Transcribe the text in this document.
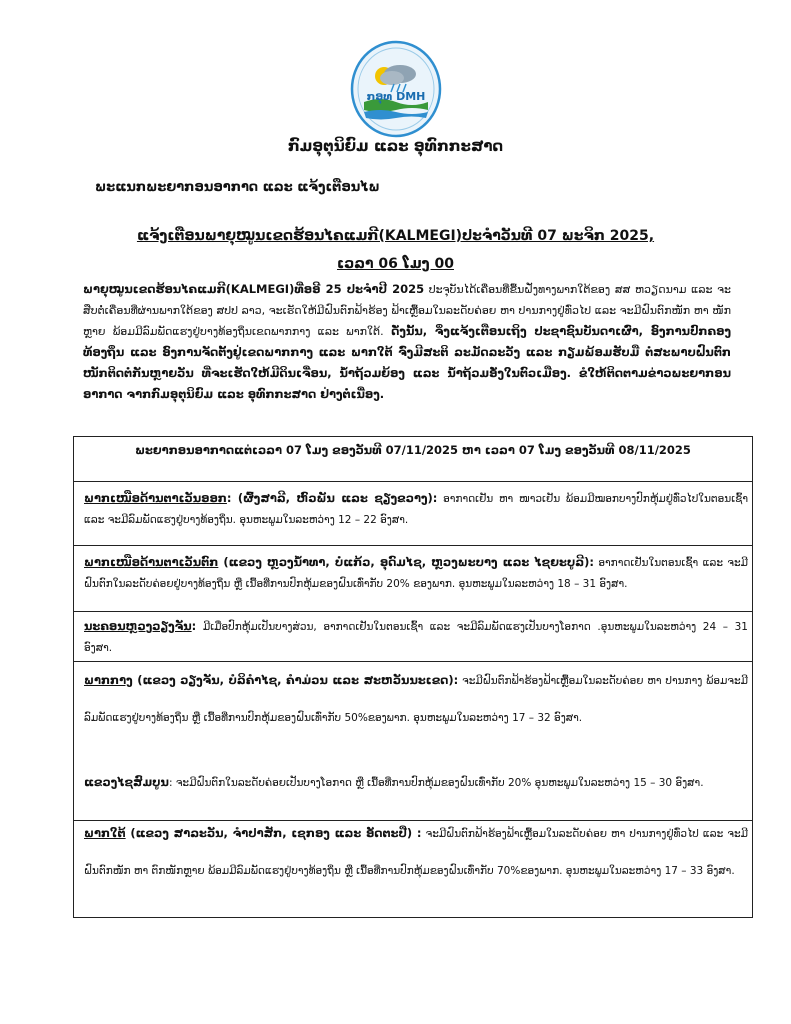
ກອຸທ DMH
ກົມອຸຕຸນິຍົມ ແລະ ອຸທົກກະສາດ
ພະແນກພະຍາກອນອາກາດ ແລະ ແຈ້ງເຕືອນໄພ
ແຈ້ງເຕືອນພາຍຸໝູນເຂດຮ້ອນໄຄແມກີ(KALMEGI)ປະຈໍາວັນທີ 07 ພະຈິກ 2025,
ເວລາ 06 ໂມງ 00
ພາຍຸໝູນເຂດຮ້ອນໄຄແມກີ(KALMEGI)ທີ່ອອີ 25 ປະຈໍາປີ 2025 ປະຈຸບັນໄດ້ເຄື່ອນທີ່ຂື້ນຝັ່ງທາງພາກໃຕ້ຂອງ ສສ ຫວຽດນາມ ແລະ ຈະສືບຕໍ່ເຄື່ອນທີ່ຜ່ານພາກໃຕ້ຂອງ ສປປ ລາວ, ຈະເຮັດໃຫ້ມີຝົນຕົກຟ້າຮ້ອງ ຟ້າເຫຼື້ອມໃນລະດັບຄ່ອຍ ຫາ ປານກາງຢູ່ທົ່ວໄປ ແລະ ຈະມີຝົນຕົກໜັກ ຫາ ໜັກຫຼາຍ ພ້ອມມີລົມພັດແຮງຢູ່ບາງທ້ອງຖິ່ນເຂດພາກກາງ ແລະ ພາກໃຕ້. ດັ່ງນັ້ນ, ຈິ່ງແຈ້ງເຕືອນເຖິງ ປະຊາຊົນບັນດາເຜົ່າ, ອົງການປົກຄອງທ້ອງຖິ່ນ ແລະ ອົງການຈັດຕັ້ງຢູ່ເຂດພາກກາງ ແລະ ພາກໃຕ້ ຈົ່ງມີສະຕິ ລະມັດລະວັງ ແລະ ກຽມພ້ອມຮັບມື ຕໍ່ສະພາບຝົນຕົກໜັກຕິດຕໍ່ກັນຫຼາຍວັນ ທີ່ຈະເຮັດໃຫ້ມີດິນເຈື່ອນ, ນ້ຳຖ້ວມຍ້ອງ ແລະ ນ້ຳຖ້ວມອັ່ງໃນຕົວເມືອງ. ຂໍໃຫ້ຕິດຕາມຂ່າວພະຍາກອນອາກາດ ຈາກກົມອຸຕຸນິຍົມ ແລະ ອຸທົກກະສາດ ຢ່າງຕໍ່ເນື່ອງ.
ພະຍາກອນອາກາດແຕ່ເວລາ 07 ໂມງ ຂອງວັນທີ 07/11/2025 ຫາ ເວລາ 07 ໂມງ ຂອງວັນທີ 08/11/2025
ພາກເໜືອດ້ານຕາເວັນອອກ: (ຜົ້ງສາລີ, ຫົວພັນ ແລະ ຊຽງຂວາງ): ອາກາດເຢັນ ຫາ ໜາວເຢັນ ພ້ອມມີໝອກບາງປົກຫຸ້ມຢູ່ທົ່ວໄປໃນຕອນເຊົ້າ ແລະ ຈະມີລົມພັດແຮງຢູ່ບາງທ້ອງຖິ່ນ. ອຸນຫະພູມໃນລະຫວ່າງ 12 – 22 ອົງສາ.
ພາກເໜືອດ້ານຕາເວັນຕົກ (ແຂວງ ຫຼວງນ້ຳທາ, ບໍ່ແກ້ວ, ອຸດົມໄຊ, ຫຼວງພະບາງ ແລະ ໄຊຍະບູລີ): ອາກາດເຢັນໃນຕອນເຊົ້າ ແລະ ຈະມີຝົນຕົກໃນລະດັບຄ່ອຍຢູ່ບາງທ້ອງຖິ່ນ ຫຼື ເນື້ອທີ່ການປົກຫຸ້ມຂອງຝົນເທົ່າກັບ 20% ຂອງພາກ. ອຸນຫະພູມໃນລະຫວ່າງ 18 – 31 ອົງສາ.
ນະຄອນຫຼວງວຽງຈັນ: ມີເມື່ອປົກຫຸ້ມເປັນບາງສ່ວນ, ອາກາດເຢັນໃນຕອນເຊົ້າ ແລະ ຈະມີລົມພັດແຮງເປັນບາງໂອກາດ .ອຸນຫະພູມໃນລະຫວ່າງ 24 – 31 ອົງສາ.
ພາກກາງ (ແຂວງ ວຽງຈັນ, ບໍລິຄຳໄຊ, ຄຳມ່ວນ ແລະ ສະຫວັນນະເຂດ): ຈະມີຝົນຕົກຟ້າຮ້ອງຟ້າເຫຼື້ອມໃນລະດັບຄ່ອຍ ຫາ ປານກາງ ພ້ອມຈະມີລົມພັດແຮງຢູ່ບາງທ້ອງຖິ່ນ ຫຼື ເນື້ອທີ່ການປົກຫຸ້ມຂອງຝົນເທົ່າກັບ 50%ຂອງພາກ. ອຸນຫະພູມໃນລະຫວ່າງ 17 – 32 ອົງສາ.
ແຂວງໄຊສົມບູນ: ຈະມີຝົນຕົກໃນລະດັບຄ່ອຍເປັນບາງໂອກາດ ຫຼື ເນື້ອທີ່ການປົກຫຸ້ມຂອງຝົນເທົ່າກັບ 20% ອຸນຫະພູມໃນລະຫວ່າງ 15 – 30 ອົງສາ.
ພາກໃຕ້ (ແຂວງ ສາລະວັນ, ຈຳປາສັກ, ເຊກອງ ແລະ ອັດຕະປື) : ຈະມີຝົນຕົກຟ້າຮ້ອງຟ້າເຫຼື້ອມໃນລະດັບຄ່ອຍ ຫາ ປານກາງຢູ່ທົ່ວໄປ ແລະ ຈະມີຝົນຕົກໜັກ ຫາ ຕົກໜັກຫຼາຍ ພ້ອມມີລົມພັດແຮງຢູ່ບາງທ້ອງຖິ່ນ ຫຼື ເນື້ອທີ່ການປົກຫຸ້ມຂອງຝົນເທົ່າກັບ 70%ຂອງພາກ. ອຸນຫະພູມໃນລະຫວ່າງ 17 – 33 ອົງສາ.
